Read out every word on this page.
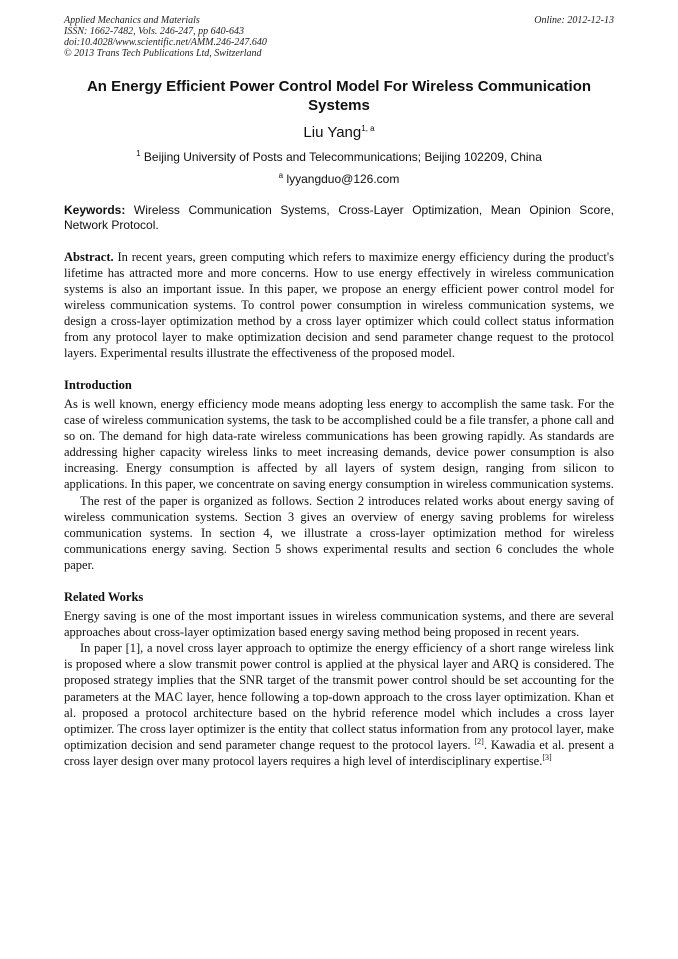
Applied Mechanics and Materials
ISSN: 1662-7482, Vols. 246-247, pp 640-643
doi:10.4028/www.scientific.net/AMM.246-247.640
© 2013 Trans Tech Publications Ltd, Switzerland
Online: 2012-12-13
An Energy Efficient Power Control Model For Wireless Communication Systems
Liu Yang$^{1, a}$
$^1$ Beijing University of Posts and Telecommunications; Beijing 102209, China
$^a$ lyyangduo@126.com
Keywords: Wireless Communication Systems, Cross-Layer Optimization, Mean Opinion Score, Network Protocol.
Abstract. In recent years, green computing which refers to maximize energy efficiency during the product's lifetime has attracted more and more concerns. How to use energy effectively in wireless communication systems is also an important issue. In this paper, we propose an energy efficient power control model for wireless communication systems. To control power consumption in wireless communication systems, we design a cross-layer optimization method by a cross layer optimizer which could collect status information from any protocol layer to make optimization decision and send parameter change request to the protocol layers. Experimental results illustrate the effectiveness of the proposed model.
Introduction

As is well known, energy efficiency mode means adopting less energy to accomplish the same task. For the case of wireless communication systems, the task to be accomplished could be a file transfer, a phone call and so on. The demand for high data-rate wireless communications has been growing rapidly. As standards are addressing higher capacity wireless links to meet increasing demands, device power consumption is also increasing. Energy consumption is affected by all layers of system design, ranging from silicon to applications. In this paper, we concentrate on saving energy consumption in wireless communication systems.

The rest of the paper is organized as follows. Section 2 introduces related works about energy saving of wireless communication systems. Section 3 gives an overview of energy saving problems for wireless communication systems. In section 4, we illustrate a cross-layer optimization method for wireless communications energy saving. Section 5 shows experimental results and section 6 concludes the whole paper.

Related Works

Energy saving is one of the most important issues in wireless communication systems, and there are several approaches about cross-layer optimization based energy saving method being proposed in recent years.

In paper [1], a novel cross layer approach to optimize the energy efficiency of a short range wireless link is proposed where a slow transmit power control is applied at the physical layer and ARQ is considered. The proposed strategy implies that the SNR target of the transmit power control should be set accounting for the parameters at the MAC layer, hence following a top-down approach to the cross layer optimization. Khan et al. proposed a protocol architecture based on the hybrid reference model which includes a cross layer optimizer. The cross layer optimizer is the entity that collect status information from any protocol layer, make optimization decision and send parameter change request to the protocol layers. [2]. Kawadia et al. present a cross layer design over many protocol layers requires a high level of interdisciplinary expertise.[3]
